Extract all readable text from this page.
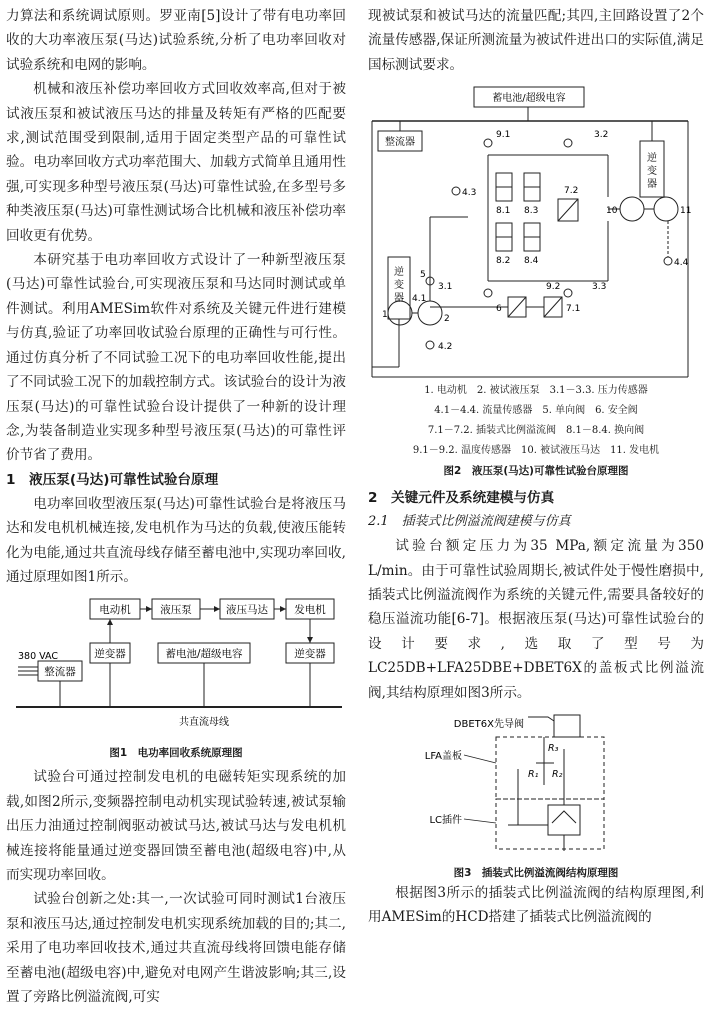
力算法和系统调试原则。罗亚南[5]设计了带有电功率回收的大功率液压泵(马达)试验系统,分析了电功率回收对试验系统和电网的影响。

机械和液压补偿功率回收方式回收效率高,但对于被试液压泵和被试液压马达的排量及转矩有严格的匹配要求,测试范围受到限制,适用于固定类型产品的可靠性试验。电功率回收方式功率范围大、加载方式简单且通用性强,可实现多种型号液压泵(马达)可靠性试验,在多型号多种类液压泵(马达)可靠性测试场合比机械和液压补偿功率回收更有优势。

本研究基于电功率回收方式设计了一种新型液压泵(马达)可靠性试验台,可实现液压泵和马达同时测试或单件测试。利用AMESim软件对系统及关键元件进行建模与仿真,验证了功率回收试验台原理的正确性与可行性。通过仿真分析了不同试验工况下的电功率回收性能,提出了不同试验工况下的加载控制方式。该试验台的设计为液压泵(马达)的可靠性试验台设计提供了一种新的设计理念,为装备制造业实现多种型号液压泵(马达)的可靠性评价节省了费用。

1　液压泵(马达)可靠性试验台原理

电功率回收型液压泵(马达)可靠性试验台是将液压马达和发电机机械连接,发电机作为马达的负载,使液压能转化为电能,通过共直流母线存储至蓄电池中,实现功率回收,通过原理如图1所示。

电动机	液压泵	液压马达	发电机
逆变器	蓄电池/超级电容	逆变器
整流器
380 VAC
共直流母线
图1　电功率回收系统原理图

试验台可通过控制发电机的电磁转矩实现系统的加载,如图2所示,变频器控制电动机实现试验转速,被试泵输出压力油通过控制阀驱动被试马达,被试马达与发电机机械连接将能量通过逆变器回馈至蓄电池(超级电容)中,从而实现功率回收。

试验台创新之处:其一,一次试验可同时测试1台液压泵和液压马达,通过控制发电机实现系统加载的目的;其二,采用了电功率回收技术,通过共直流母线将回馈电能存储至蓄电池(超级电容)中,避免对电网产生谐波影响;其三,设置了旁路比例溢流阀,可实

现被试泵和被试马达的流量匹配;其四,主回路设置了2个流量传感器,保证所测流量为被试件进出口的实际值,满足国标测试要求。

蓄电池/超级电容
整流器
逆变器
逆变器
9.1	3.2
7.2
4.3
8.1
8.2
8.3
8.4
10	11
9.2	3.3
4.4
5
3.1
4.1
6	7.1
1	2
4.2
1. 电动机　2. 被试液压泵　3.1－3.3. 压力传感器
4.1－4.4. 流量传感器　5. 单向阀　6. 安全阀
7.1－7.2. 插装式比例溢流阀　8.1－8.4. 换向阀
9.1－9.2. 温度传感器　10. 被试液压马达　11. 发电机
图2　液压泵(马达)可靠性试验台原理图
2　关键元件及系统建模与仿真
2.1　插装式比例溢流阀建模与仿真

试验台额定压力为35 MPa,额定流量为350 L/min。由于可靠性试验周期长,被试件处于慢性磨损中,插装式比例溢流阀作为系统的关键元件,需要具备较好的稳压溢流功能[6-7]。根据液压泵(马达)可靠性试验台的设计要求,选取了型号为LC25DB+LFA25DBE+DBET6X的盖板式比例溢流阀,其结构原理如图3所示。

DBET6X先导阀
LFA盖板
LC插件
R₁ R₂
R₃
图3　插装式比例溢流阀结构原理图

根据图3所示的插装式比例溢流阀的结构原理图,利用AMESim的HCD搭建了插装式比例溢流阀的
